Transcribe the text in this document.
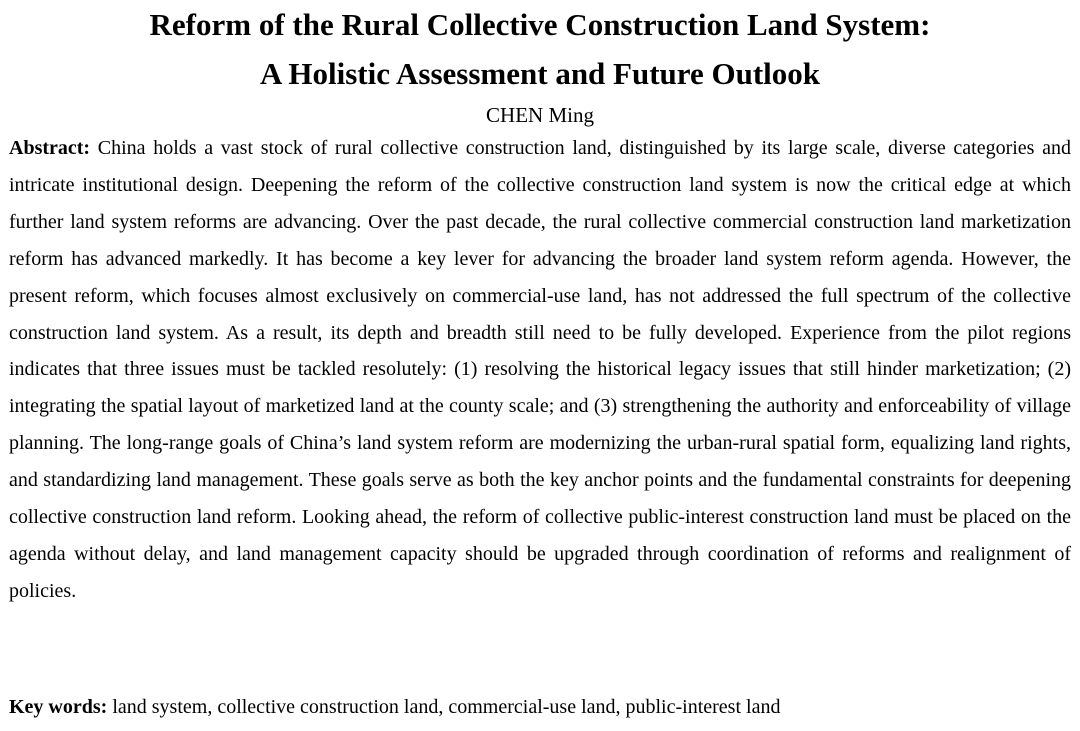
Reform of the Rural Collective Construction Land System:
A Holistic Assessment and Future Outlook
CHEN Ming

Abstract: China holds a vast stock of rural collective construction land, distinguished by its large scale, diverse categories and intricate institutional design. Deepening the reform of the collective construction land system is now the critical edge at which further land system reforms are advancing. Over the past decade, the rural collective commercial construction land marketization reform has advanced markedly. It has become a key lever for advancing the broader land system reform agenda. However, the present reform, which focuses almost exclusively on commercial-use land, has not addressed the full spectrum of the collective construction land system. As a result, its depth and breadth still need to be fully developed. Experience from the pilot regions indicates that three issues must be tackled resolutely: (1) resolving the historical legacy issues that still hinder marketization; (2) integrating the spatial layout of marketized land at the county scale; and (3) strengthening the authority and enforceability of village planning. The long-range goals of China’s land system reform are modernizing the urban-rural spatial form, equalizing land rights, and standardizing land management. These goals serve as both the key anchor points and the fundamental constraints for deepening collective construction land reform. Looking ahead, the reform of collective public-interest construction land must be placed on the agenda without delay, and land management capacity should be upgraded through coordination of reforms and realignment of policies.

Key words: land system, collective construction land, commercial-use land, public-interest land
